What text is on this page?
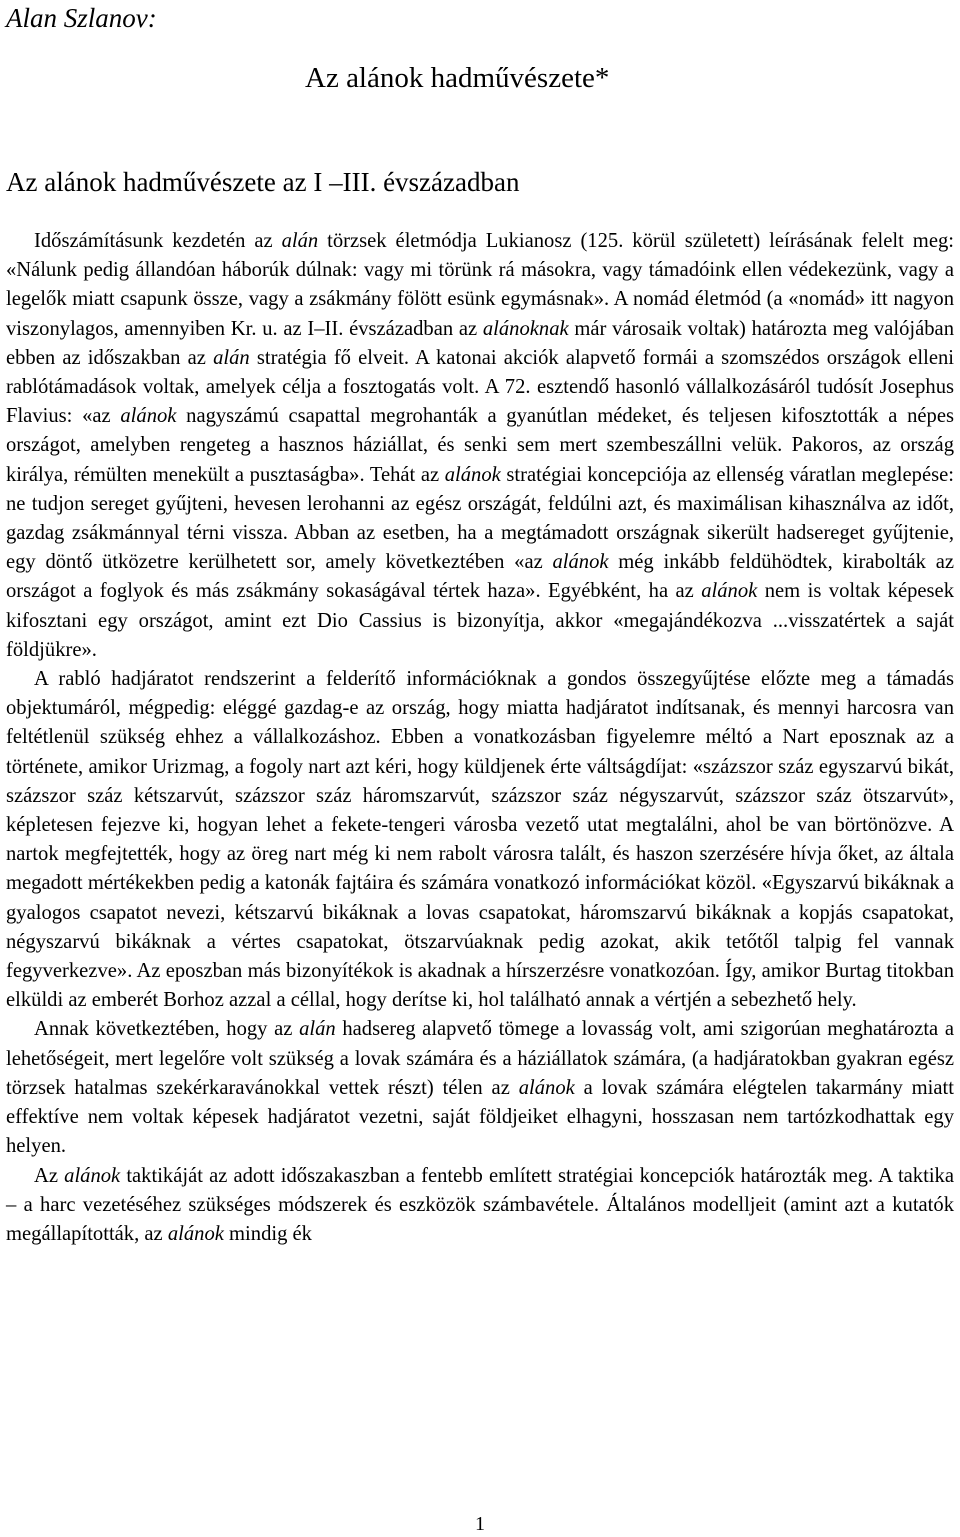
Alan Szlanov:
Az alánok hadművészete*
Az alánok hadművészete az I –III. évszázadban

Időszámításunk kezdetén az alán törzsek életmódja Lukianosz (125. körül született) leírásának felelt meg: «Nálunk pedig állandóan háborúk dúlnak: vagy mi törünk rá másokra, vagy támadóink ellen védekezünk, vagy a legelők miatt csapunk össze, vagy a zsákmány fölött esünk egymásnak». A nomád életmód (a «nomád» itt nagyon viszonylagos, amennyiben Kr. u. az I–II. évszázadban az alánoknak már városaik voltak) határozta meg valójában ebben az időszakban az alán stratégia fő elveit. A katonai akciók alapvető formái a szomszédos országok elleni rablótámadások voltak, amelyek célja a fosztogatás volt. A 72. esztendő hasonló vállalkozásáról tudósít Josephus Flavius: «az alánok nagyszámú csapattal megrohanták a gyanútlan médeket, és teljesen kifosztották a népes országot, amelyben rengeteg a hasznos háziállat, és senki sem mert szembeszállni velük. Pakoros, az ország királya, rémülten menekült a pusztaságba». Tehát az alánok stratégiai koncepciója az ellenség váratlan meglepése: ne tudjon sereget gyűjteni, hevesen lerohanni az egész országát, feldúlni azt, és maximálisan kihasználva az időt, gazdag zsákmánnyal térni vissza. Abban az esetben, ha a megtámadott országnak sikerült hadsereget gyűjtenie, egy döntő ütközetre kerülhetett sor, amely következtében «az alánok még inkább feldühödtek, kirabolták az országot a foglyok és más zsákmány sokaságával tértek haza». Egyébként, ha az alánok nem is voltak képesek kifosztani egy országot, amint ezt Dio Cassius is bizonyítja, akkor «megajándékozva ...visszatértek a saját földjükre».

A rabló hadjáratot rendszerint a felderítő információknak a gondos összegyűjtése előzte meg a támadás objektumáról, mégpedig: eléggé gazdag-e az ország, hogy miatta hadjáratot indítsanak, és mennyi harcosra van feltétlenül szükség ehhez a vállalkozáshoz. Ebben a vonatkozásban figyelemre méltó a Nart eposznak az a története, amikor Urizmag, a fogoly nart azt kéri, hogy küldjenek érte váltságdíjat: «százszor száz egyszarvú bikát, százszor száz kétszarvút, százszor száz háromszarvút, százszor száz négyszarvút, százszor száz ötszarvút», képletesen fejezve ki, hogyan lehet a fekete-tengeri városba vezető utat megtalálni, ahol be van börtönözve. A nartok megfejtették, hogy az öreg nart még ki nem rabolt városra talált, és haszon szerzésére hívja őket, az általa megadott mértékekben pedig a katonák fajtáira és számára vonatkozó információkat közöl. «Egyszarvú bikáknak a gyalogos csapatot nevezi, kétszarvú bikáknak a lovas csapatokat, háromszarvú bikáknak a kopjás csapatokat, négyszarvú bikáknak a vértes csapatokat, ötszarvúaknak pedig azokat, akik tetőtől talpig fel vannak fegyverkezve». Az eposzban más bizonyítékok is akadnak a hírszerzésre vonatkozóan. Így, amikor Burtag titokban elküldi az emberét Borhoz azzal a céllal, hogy derítse ki, hol található annak a vértjén a sebezhető hely.

Annak következtében, hogy az alán hadsereg alapvető tömege a lovasság volt, ami szigorúan meghatározta a lehetőségeit, mert legelőre volt szükség a lovak számára és a háziállatok számára, (a hadjáratokban gyakran egész törzsek hatalmas szekérkaravánokkal vettek részt) télen az alánok a lovak számára elégtelen takarmány miatt effektíve nem voltak képesek hadjáratot vezetni, saját földjeiket elhagyni, hosszasan nem tartózkodhattak egy helyen.

Az alánok taktikáját az adott időszakaszban a fentebb említett stratégiai koncepciók határozták meg. A taktika – a harc vezetéséhez szükséges módszerek és eszközök számbavétele. Általános modelljeit (amint azt a kutatók megállapították, az alánok mindig ék

1
